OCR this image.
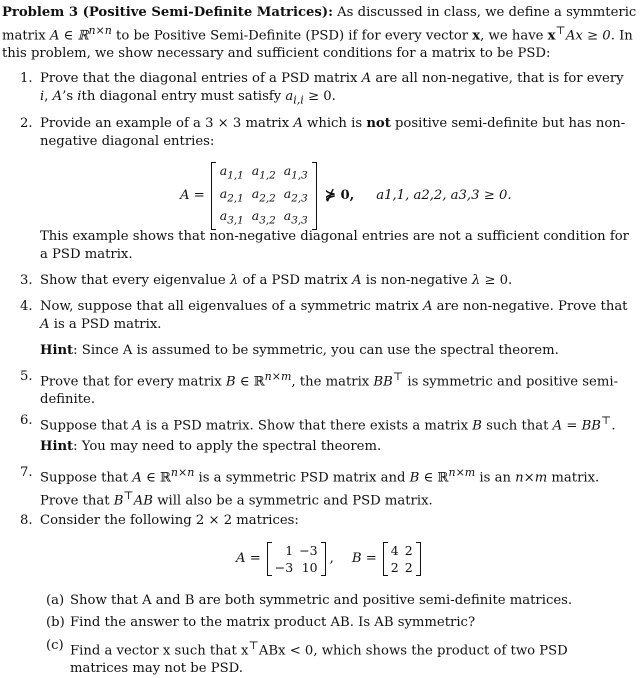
Problem 3 (Positive Semi-Definite Matrices): As discussed in class, we define a symmteric matrix A ∈ ℝ$^{n\times n}$ to be Positive Semi-Definite (PSD) if for every vector x, we have x⊤Ax ≥ 0. In this problem, we show necessary and sufficient conditions for a matrix to be PSD:
1. Prove that the diagonal entries of a PSD matrix A are all non-negative, that is for every i, A’s ith diagonal entry must satisfy $a_{i,i} \ge 0$.
2. Provide an example of a 3 × 3 matrix A which is not positive semi-definite but has non-negative diagonal entries:
A =
$a_{1,1}$	$a_{1,2}$	$a_{1,3}$
$a_{2,1}$	$a_{2,2}$	$a_{2,3}$
$a_{3,1}$	$a_{3,2}$	$a_{3,3}$
⋡ 0, a1,1, a2,2, a3,3 ≥ 0.
This example shows that non-negative diagonal entries are not a sufficient condition for a PSD matrix.
3. Show that every eigenvalue λ of a PSD matrix A is non-negative λ ≥ 0.
4. Now, suppose that all eigenvalues of a symmetric matrix A are non-negative. Prove that A is a PSD matrix.
Hint: Since A is assumed to be symmetric, you can use the spectral theorem.
5. Prove that for every matrix B ∈ ℝ$^{n\times m}$, the matrix BB⊤ is symmetric and positive semi-definite.
6. Suppose that A is a PSD matrix. Show that there exists a matrix B such that A = BB⊤.
Hint: You may need to apply the spectral theorem.
7. Suppose that A ∈ ℝ$^{n\times n}$ is a symmetric PSD matrix and B ∈ ℝ$^{n\times m}$ is an n×m matrix. Prove that B⊤AB will also be a symmetric and PSD matrix.
8. Consider the following 2 × 2 matrices:
A =
1	−3
−3	10
, B =
4	2
2	2
(a) Show that A and B are both symmetric and positive semi-definite matrices.
(b) Find the answer to the matrix product AB. Is AB symmetric?
(c) Find a vector x such that x⊤ABx < 0, which shows the product of two PSD matrices may not be PSD.
